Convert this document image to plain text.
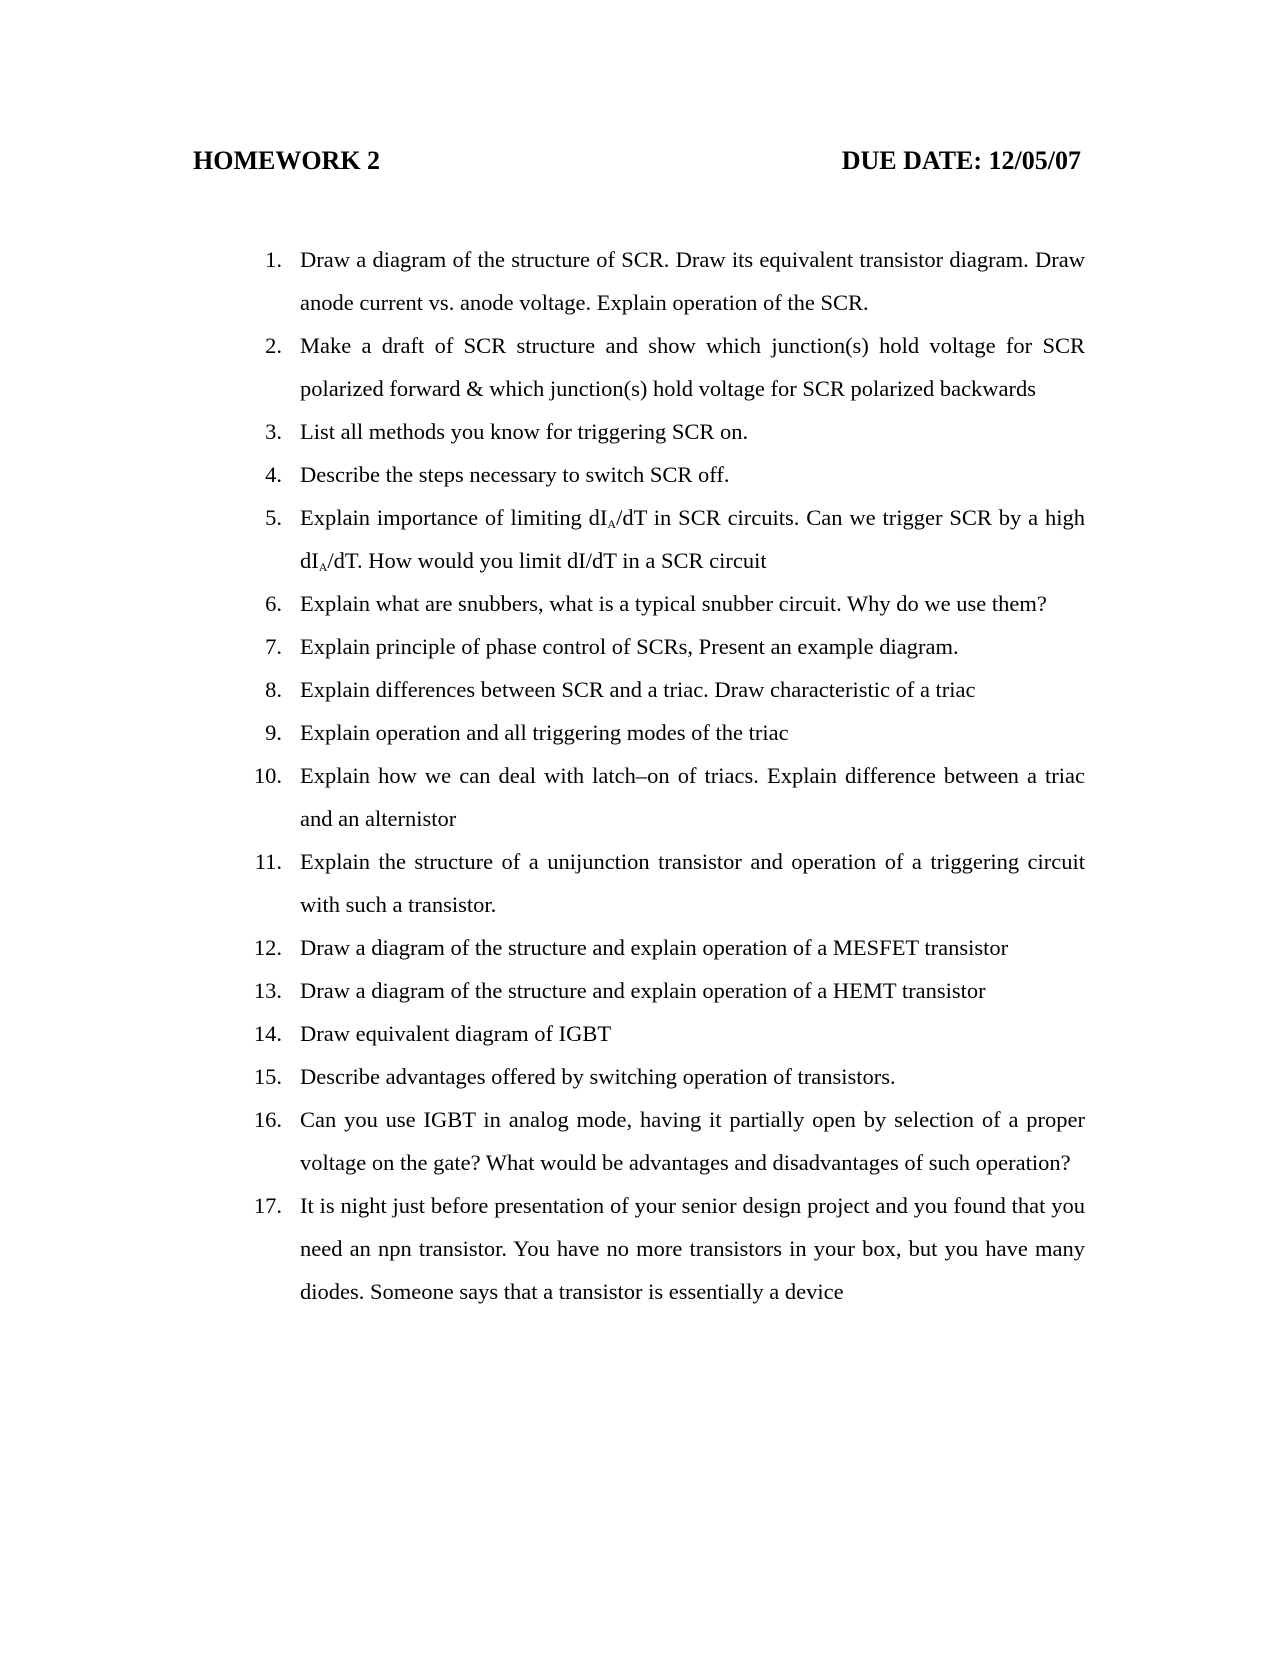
HOMEWORK 2	DUE DATE: 12/05/07
1. Draw a diagram of the structure of SCR. Draw its equivalent transistor diagram. Draw anode current vs. anode voltage. Explain operation of the SCR.
2. Make a draft of SCR structure and show which junction(s) hold voltage for SCR polarized forward & which junction(s) hold voltage for SCR polarized backwards
3. List all methods you know for triggering SCR on.
4. Describe the steps necessary to switch SCR off.
5. Explain importance of limiting $dI_A/dT$ in SCR circuits. Can we trigger SCR by a high $dI_A/dT$. How would you limit dI/dT in a SCR circuit
6. Explain what are snubbers, what is a typical snubber circuit. Why do we use them?
7. Explain principle of phase control of SCRs, Present an example diagram.
8. Explain differences between SCR and a triac. Draw characteristic of a triac
9. Explain operation and all triggering modes of the triac
10. Explain how we can deal with latch–on of triacs. Explain difference between a triac and an alternistor
11. Explain the structure of a unijunction transistor and operation of a triggering circuit with such a transistor.
12. Draw a diagram of the structure and explain operation of a MESFET transistor
13. Draw a diagram of the structure and explain operation of a HEMT transistor
14. Draw equivalent diagram of IGBT
15. Describe advantages offered by switching operation of transistors.
16. Can you use IGBT in analog mode, having it partially open by selection of a proper voltage on the gate? What would be advantages and disadvantages of such operation?
17. It is night just before presentation of your senior design project and you found that you need an npn transistor. You have no more transistors in your box, but you have many diodes. Someone says that a transistor is essentially a device
